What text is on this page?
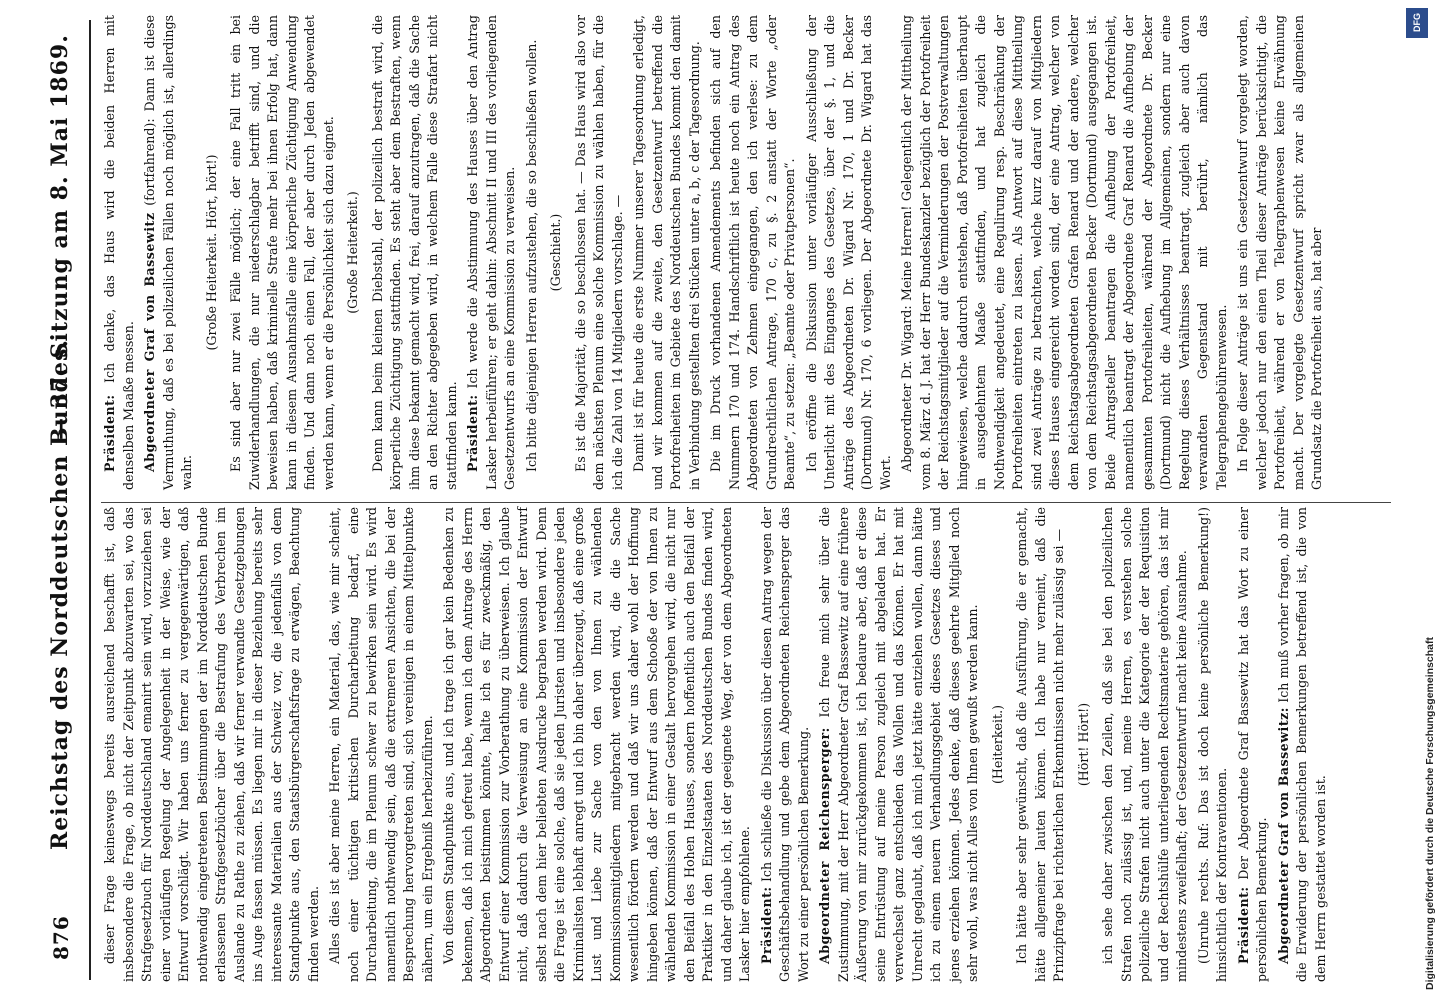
876
Reichstag des Norddeutschen Bundes.
— 37. Sitzung am 8. Mai 1869.

dieser Frage keineswegs bereits ausreichend beschafft ist, daß insbesondere die Frage, ob nicht der Zeitpunkt abzuwarten sei, wo das Strafgesetzbuch für Norddeutschland emanirt sein wird, vorzuziehen sei einer vorläufigen Regelung der Angelegenheit in der Weise, wie der Entwurf vorschlägt. Wir haben uns ferner zu vergegenwärtigen, daß nothwendig eingetretenen Bestimmungen der im Norddeutschen Bunde erlassenen Strafgesetzbücher über die Bestrafung des Verbrechen im Auslande zu Rathe zu ziehen, daß wir ferner verwandte Gesetzgebungen ins Auge fassen müssen. Es liegen mir in dieser Beziehung bereits sehr interessante Materialien aus der Schweiz vor, die jedenfalls von dem Standpunkte aus, den Staatsbürgerschaftsfrage zu erwägen, Beachtung finden werden. Alles dies ist aber meine Herren, ein Material, das, wie mir scheint, noch einer tüchtigen kritischen Durcharbeitung bedarf, eine Durcharbeitung, die im Plenum schwer zu bewirken sein wird. Es wird namentlich nothwendig sein, daß die extremeren Ansichten, die bei der Besprechung hervorgetreten sind, sich vereinigen in einem Mittelpunkte nähern, um ein Ergebniß herbeizuführen. Von diesem Standpunkte aus, und ich trage ich gar kein Bedenken zu bekennen, daß ich mich gefreut habe, wenn ich dem Antrage des Herrn Abgeordneten beistimmen könnte, halte ich es für zweckmäßig, den Entwurf einer Kommission zur Vorberathung zu überweisen. Ich glaube nicht, daß dadurch die Verweisung an eine Kommission der Entwurf selbst nach dem hier beliebten Ausdrucke begraben werden wird. Denn die Frage ist eine solche, daß sie jeden Juristen und insbesondere jeden Kriminalisten lebhaft anregt und ich bin daher überzeugt, daß eine große Lust und Liebe zur Sache von den von Ihnen zu wählenden Kommissionsmitgliedern mitgebracht werden wird, die die Sache wesentlich fördern werden und daß wir uns daher wohl der Hoffnung hingeben können, daß der Entwurf aus dem Schooße der von Ihnen zu wählenden Kommission in einer Gestalt hervorgehen wird, die nicht nur den Beifall des Hohen Hauses, sondern hoffentlich auch den Beifall der Praktiker in den Einzelstaaten des Norddeutschen Bundes finden wird, und daher glaube ich, ist der geeignete Weg, der von dem Abgeordneten Lasker hier empfohlene. Präsident: Ich schließe die Diskussion über diesen Antrag wegen der Geschäftsbehandlung und gebe dem Abgeordneten Reichensperger das Wort zu einer persönlichen Bemerkung. Abgeordneter Reichensperger: Ich freue mich sehr über die Zustimmung, mit der Herr Abgeordneter Graf Bassewitz auf eine frühere Äußerung von mir zurückgekommen ist, ich bedaure aber, daß er diese seine Entrüstung auf meine Person zugleich mit abgeladen hat. Er verwechselt ganz entschieden das Wollen und das Können. Er hat mit Unrecht geglaubt, daß ich mich jetzt hätte entziehen wollen, dann hätte ich zu einem neuern Verhandlungsgebiet dieses Gesetzes dieses und jenes erziehen können. Jedes denke, daß dieses geehrte Mitglied noch sehr wohl, was nicht Alles von Ihnen gewußt werden kann. (Heiterkeit.) Ich hätte aber sehr gewünscht, daß die Ausführung, die er gemacht, hätte allgemeiner lauten können. Ich habe nur verneint, daß die Prinzipfrage bei richterlichen Erkenntnissen nicht mehr zulässig sei — (Hört! Hört!) ich sehe daher zwischen den Zeilen, daß sie bei den polizeilichen Strafen noch zulässig ist, und, meine Herren, es verstehen solche polizeiliche Strafen nicht auch unter die Kategorie der der Requisition und der Rechtshülfe unterliegenden Rechtsmaterie gehören, das ist mir mindestens zweifelhaft; der Gesetzentwurf macht keine Ausnahme. (Unruhe rechts. Ruf: Das ist doch keine persönliche Bemerkung!) hinsichtlich der Kontraventionen. Präsident: Der Abgeordnete Graf Bassewitz hat das Wort zu einer persönlichen Bemerkung. Abgeordneter Graf von Bassewitz: Ich muß vorher fragen, ob mir die Erwiderung der persönlichen Bemerkungen betreffend ist, die von dem Herrn gestattet worden ist.

Präsident: Ich denke, das Haus wird die beiden Herren mit denselben Maaße messen. Abgeordneter Graf von Bassewitz (fortfahrend): Dann ist diese Vermuthung, daß es bei polizeilichen Fällen noch möglich ist, allerdings wahr.

(Große Heiterkeit. Hört, hört!) Es sind aber nur zwei Fälle möglich; der eine Fall tritt ein bei Zuwiderhandlungen, die nur niederschlagbar betrifft sind, und die beweisen haben, daß kriminelle Strafe mehr bei ihnen Erfolg hat, dann kann in diesem Ausnahmsfalle eine körperliche Züchtigung Anwendung finden. Und dann noch einen Fall, der aber durch Jeden abgewendet werden kann, wenn er die Persönlichkeit sich dazu eignet. (Große Heiterkeit.) Denn kann beim kleinen Diebstahl, der polizeilich bestraft wird, die körperliche Züchtigung stattfinden. Es steht aber dem Bestraften, wenn ihm diese bekannt gemacht wird, frei, darauf anzutragen, daß die Sache an den Richter abgegeben wird, in welchem Falle diese Strafart nicht stattfinden kann. Präsident: Ich werde die Abstimmung des Hauses über den Antrag Lasker herbeiführen; er geht dahin: Abschnitt II und III des vorliegenden Gesetzentwurfs an eine Kommission zu verweisen. Ich bitte diejenigen Herren aufzustehen, die so beschließen wollen. (Geschieht.) Es ist die Majorität, die so beschlossen hat. — Das Haus wird also vor dem nächsten Plenum eine solche Kommission zu wählen haben, für die ich die Zahl von 14 Mitgliedern vorschlage. — Damit ist für heute die erste Nummer unserer Tagesordnung erledigt, und wir kommen auf die zweite, den Gesetzentwurf betreffend die Portofreiheiten im Gebiete des Norddeutschen Bundes kommt den damit in Verbindung gestellten drei Stücken unter a, b, c der Tagesordnung. Die im Druck vorhandenen Amendements befinden sich auf den Nummern 170 und 174. Handschriftlich ist heute noch ein Antrag des Abgeordneten von Zehmen eingegangen, den ich verlese: zu dem Grundrechtlichen Antrage, 170 c, zu §. 2 anstatt der Worte „oder Beamte“, zu setzen: „Beamte oder Privatpersonen“. Ich eröffne die Diskussion unter vorläufiger Ausschließung der Unterlicht mit des Einganges des Gesetzes, über der §. 1, und die Anträge des Abgeordneten Dr. Wigard Nr. 170, 1 und Dr. Becker (Dortmund) Nr. 170, 6 vorliegen. Der Abgeordnete Dr. Wigard hat das Wort.

Abgeordneter Dr. Wigard: Meine Herren! Gelegentlich der Mittheilung vom 8. März d. J. hat der Herr Bundeskanzler bezüglich der Portofreiheit der Reichstagsmitglieder auf die Verminderungen der Postverwaltungen hingewiesen, welche dadurch entstehen, daß Portofreiheiten überhaupt in ausgedehntem Maaße stattfinden, und hat zugleich die Nothwendigkeit angedeutet, eine Regulirung resp. Beschränkung der Portofreiheiten eintreten zu lassen. Als Antwort auf diese Mittheilung sind zwei Anträge zu betrachten, welche kurz darauf von Mitgliedern dieses Hauses eingereicht worden sind, der eine Antrag, welcher von dem Reichstagsabgeordneten Grafen Renard und der andere, welcher von dem Reichstagsabgeordneten Becker (Dortmund) ausgegangen ist. Beide Antragsteller beantragen die Aufhebung der Portofreiheit, namentlich beantragt der Abgeordnete Graf Renard die Aufhebung der gesammten Portofreiheiten, während der Abgeordnete Dr. Becker (Dortmund) nicht die Aufhebung im Allgemeinen, sondern nur eine Regelung dieses Verhältnisses beantragt, zugleich aber auch davon verwandten Gegenstand mit berührt, nämlich das Telegraphengebührenwesen. In Folge dieser Anträge ist uns ein Gesetzentwurf vorgelegt worden, welcher jedoch nur den einen Theil dieser Anträge berücksichtigt, die Portofreiheit, während er von Telegraphenwesen keine Erwähnung macht. Der vorgelegte Gesetzentwurf spricht zwar als allgemeinen Grundsatz die Portofreiheit aus, hat aber

DFG
Digitalisierung gefördert durch die Deutsche Forschungsgemeinschaft
